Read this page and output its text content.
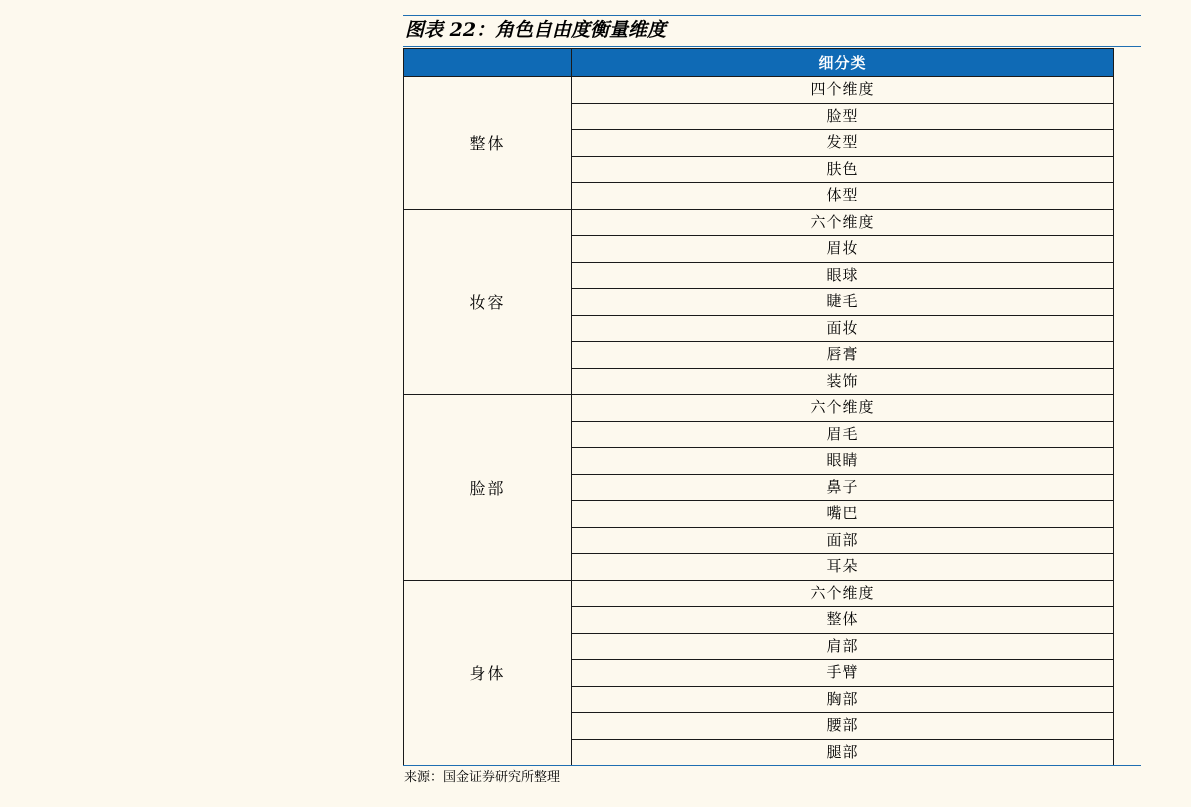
图表 22：角色自由度衡量维度
	细分类
整体	四个维度
	脸型
	发型
	肤色
	体型
妆容	六个维度
	眉妆
	眼球
	睫毛
	面妆
	唇膏
	装饰
脸部	六个维度
	眉毛
	眼睛
	鼻子
	嘴巴
	面部
	耳朵
身体	六个维度
	整体
	肩部
	手臂
	胸部
	腰部
	腿部
来源：国金证券研究所整理
